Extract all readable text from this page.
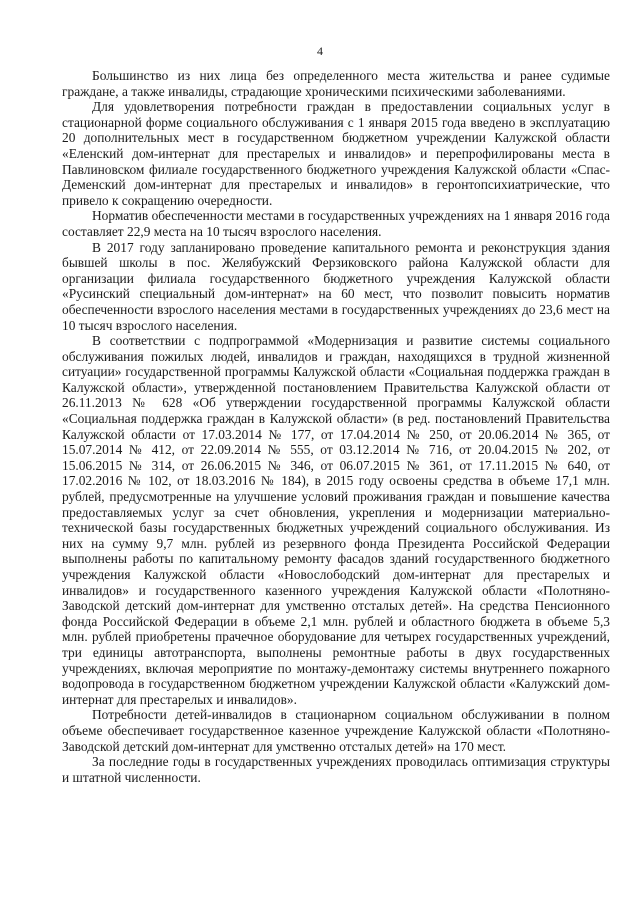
4

Большинство из них лица без определенного места жительства и ранее судимые граждане, а также инвалиды, страдающие хроническими психическими заболеваниями.

Для удовлетворения потребности граждан в предоставлении социальных услуг в стационарной форме социального обслуживания с 1 января 2015 года введено в эксплуатацию 20 дополнительных мест в государственном бюджетном учреждении Калужской области «Еленский дом-интернат для престарелых и инвалидов» и перепрофилированы места в Павлиновском филиале государственного бюджетного учреждения Калужской области «Спас-Деменский дом-интернат для престарелых и инвалидов» в геронтопсихиатрические, что привело к сокращению очередности.

Норматив обеспеченности местами в государственных учреждениях на 1 января 2016 года составляет 22,9 места на 10 тысяч взрослого населения.

В 2017 году запланировано проведение капитального ремонта и реконструкция здания бывшей школы в пос. Желябужский Ферзиковского района Калужской области для организации филиала государственного бюджетного учреждения Калужской области «Русинский специальный дом-интернат» на 60 мест, что позволит повысить норматив обеспеченности взрослого населения местами в государственных учреждениях до 23,6 мест на 10 тысяч взрослого населения.

В соответствии с подпрограммой «Модернизация и развитие системы социального обслуживания пожилых людей, инвалидов и граждан, находящихся в трудной жизненной ситуации» государственной программы Калужской области «Социальная поддержка граждан в Калужской области», утвержденной постановлением Правительства Калужской области от 26.11.2013 № 628 «Об утверждении государственной программы Калужской области «Социальная поддержка граждан в Калужской области» (в ред. постановлений Правительства Калужской области от 17.03.2014 № 177, от 17.04.2014 № 250, от 20.06.2014 № 365, от 15.07.2014 № 412, от 22.09.2014 № 555, от 03.12.2014 № 716, от 20.04.2015 № 202, от 15.06.2015 № 314, от 26.06.2015 № 346, от 06.07.2015 № 361, от 17.11.2015 № 640, от 17.02.2016 № 102, от 18.03.2016 № 184), в 2015 году освоены средства в объеме 17,1 млн. рублей, предусмотренные на улучшение условий проживания граждан и повышение качества предоставляемых услуг за счет обновления, укрепления и модернизации материально-технической базы государственных бюджетных учреждений социального обслуживания. Из них на сумму 9,7 млн. рублей из резервного фонда Президента Российской Федерации выполнены работы по капитальному ремонту фасадов зданий государственного бюджетного учреждения Калужской области «Новослободский дом-интернат для престарелых и инвалидов» и государственного казенного учреждения Калужской области «Полотняно-Заводской детский дом-интернат для умственно отсталых детей». На средства Пенсионного фонда Российской Федерации в объеме 2,1 млн. рублей и областного бюджета в объеме 5,3 млн. рублей приобретены прачечное оборудование для четырех государственных учреждений, три единицы автотранспорта, выполнены ремонтные работы в двух государственных учреждениях, включая мероприятие по монтажу-демонтажу системы внутреннего пожарного водопровода в государственном бюджетном учреждении Калужской области «Калужский дом-интернат для престарелых и инвалидов».

Потребности детей-инвалидов в стационарном социальном обслуживании в полном объеме обеспечивает государственное казенное учреждение Калужской области «Полотняно-Заводской детский дом-интернат для умственно отсталых детей» на 170 мест.

За последние годы в государственных учреждениях проводилась оптимизация структуры и штатной численности.
